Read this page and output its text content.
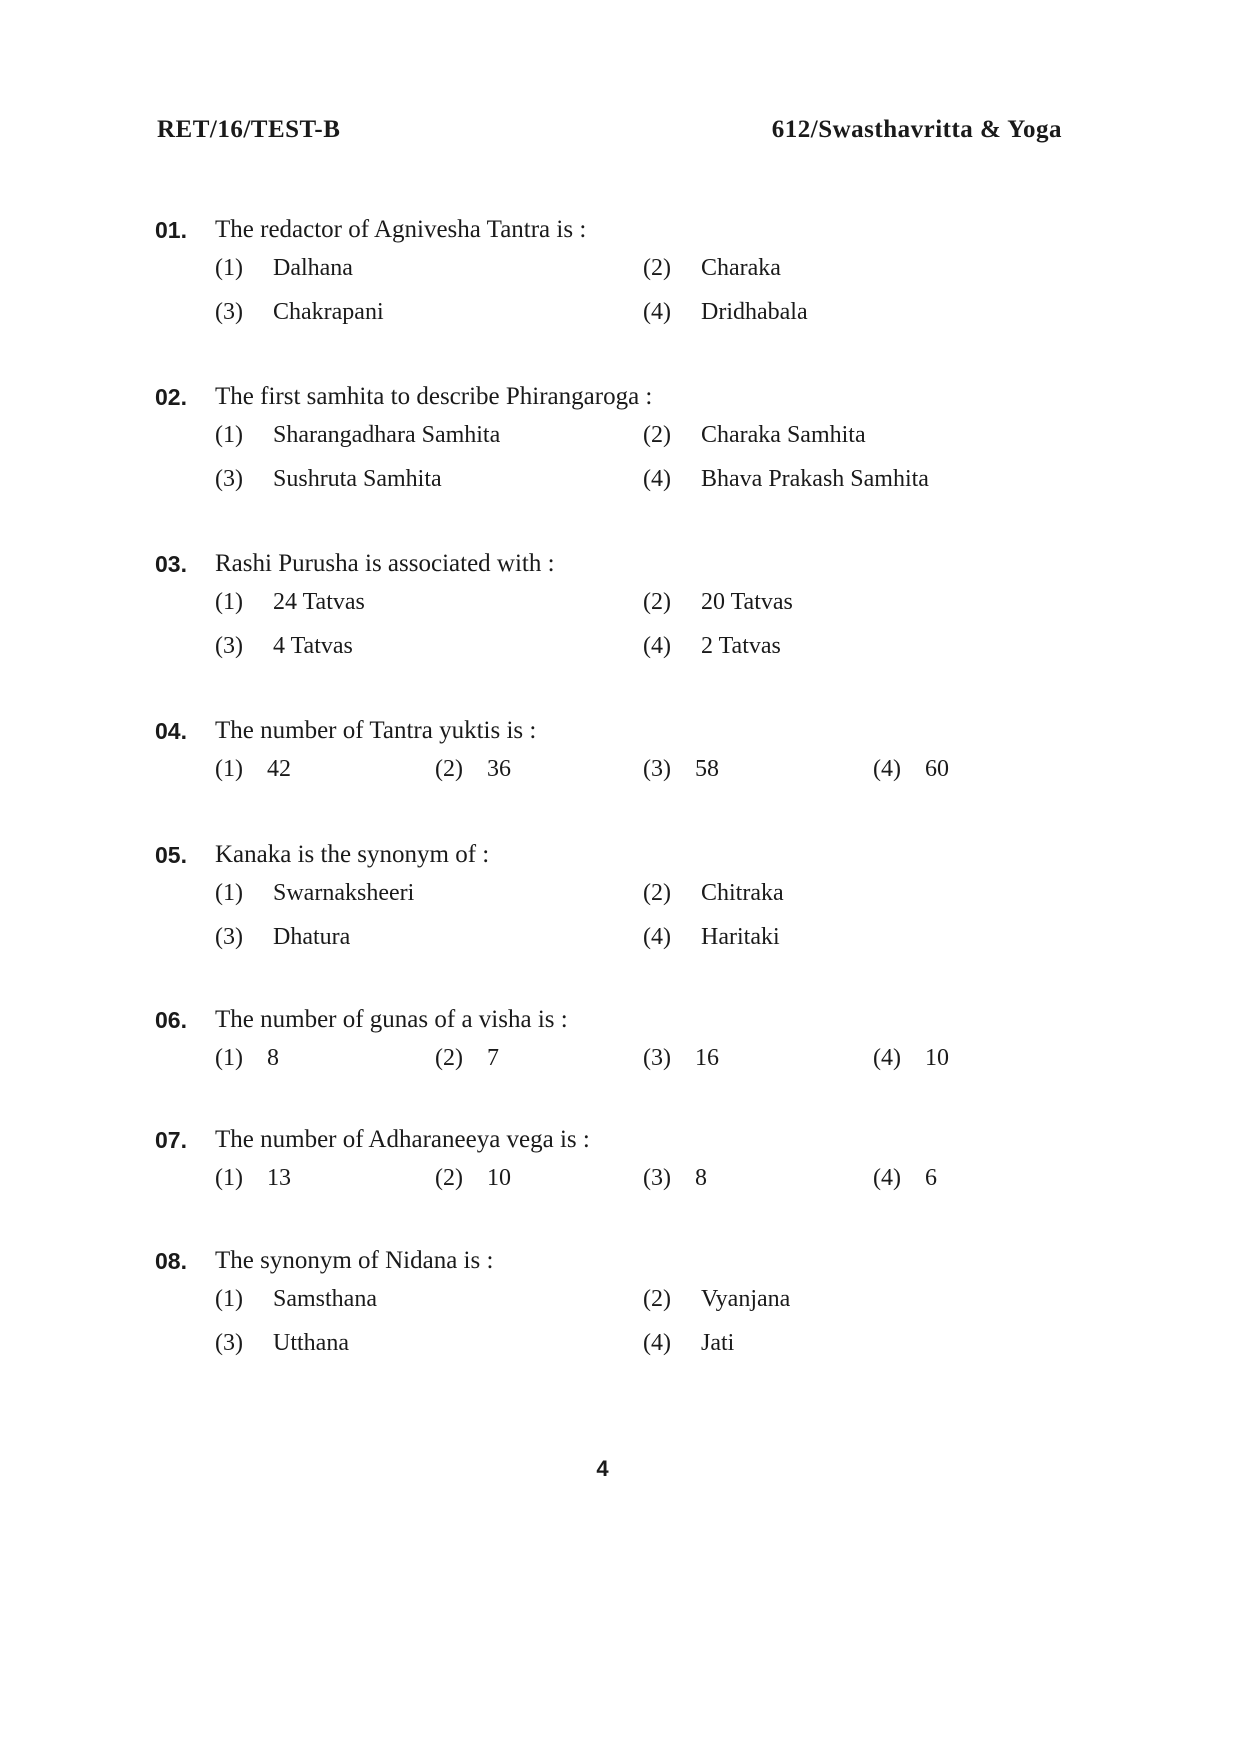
RET/16/TEST-B	612/Swasthavritta & Yoga
01. The redactor of Agnivesha Tantra is :
(1) Dalhana	(2) Charaka
(3) Chakrapani	(4) Dridhabala
02. The first samhita to describe Phirangaroga :
(1) Sharangadhara Samhita	(2) Charaka Samhita
(3) Sushruta Samhita	(4) Bhava Prakash Samhita
03. Rashi Purusha is associated with :
(1) 24 Tatvas	(2) 20 Tatvas
(3) 4 Tatvas	(4) 2 Tatvas
04. The number of Tantra yuktis is :
(1) 42	(2) 36	(3) 58	(4) 60
05. Kanaka is the synonym of :
(1) Swarnaksheeri	(2) Chitraka
(3) Dhatura	(4) Haritaki
06. The number of gunas of a visha is :
(1) 8	(2) 7	(3) 16	(4) 10
07. The number of Adharaneeya vega is :
(1) 13	(2) 10	(3) 8	(4) 6
08. The synonym of Nidana is :
(1) Samsthana	(2) Vyanjana
(3) Utthana	(4) Jati
4
